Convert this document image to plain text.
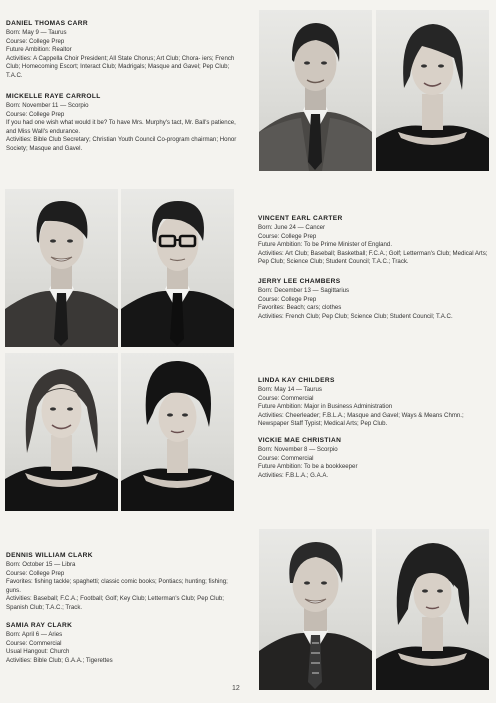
DANIEL THOMAS CARR
Born: May 9 — Taurus
Course: College Prep
Future Ambition: Realtor
Activities: A Cappella Choir President; All State Chorus; Art Club; Chora- iers; French Club; Homecoming Escort; Interact Club; Madrigals; Masque and Gavel; Pep Club; T.A.C.
MICKELLE RAYE CARROLL
Born: November 11 — Scorpio
Course: College Prep
If you had one wish what would it be? To have Mrs. Murphy's tact, Mr. Ball's patience, and Miss Wall's endurance.
Activities: Bible Club Secretary; Christian Youth Council Co-program chairman; Honor Society; Masque and Gavel.
VINCENT EARL CARTER
Born: June 24 — Cancer
Course: College Prep
Future Ambition: To be Prime Minister of England.
Activities: Art Club; Baseball; Basketball; F.C.A.; Golf; Letterman's Club; Medical Arts; Pep Club; Science Club; Student Council; T.A.C.; Track.
JERRY LEE CHAMBERS
Born: December 13 — Sagittarius
Course: College Prep
Favorites: Beach; cars; clothes
Activities: French Club; Pep Club; Science Club; Student Council; T.A.C.
LINDA KAY CHILDERS
Born: May 14 — Taurus
Course: Commercial
Future Ambition: Major in Business Administration
Activities: Cheerleader; F.B.L.A.; Masque and Gavel; Ways & Means Chmn.; Newspaper Staff Typist; Medical Arts; Pep Club.
VICKIE MAE CHRISTIAN
Born: November 8 — Scorpio
Course: Commercial
Future Ambition: To be a bookkeeper
Activities: F.B.L.A.; G.A.A.
DENNIS WILLIAM CLARK
Born: October 15 — Libra
Course: College Prep
Favorites: fishing tackle; spaghetti; classic comic books; Pontiacs; hunting; fishing; guns.
Activities: Baseball; F.C.A.; Football; Golf; Key Club; Letterman's Club; Pep Club; Spanish Club; T.A.C.; Track.
SAMIA RAY CLARK
Born: April 6 — Aries
Course: Commercial
Usual Hangout: Church
Activities: Bible Club; G.A.A.; Tigerettes
12
